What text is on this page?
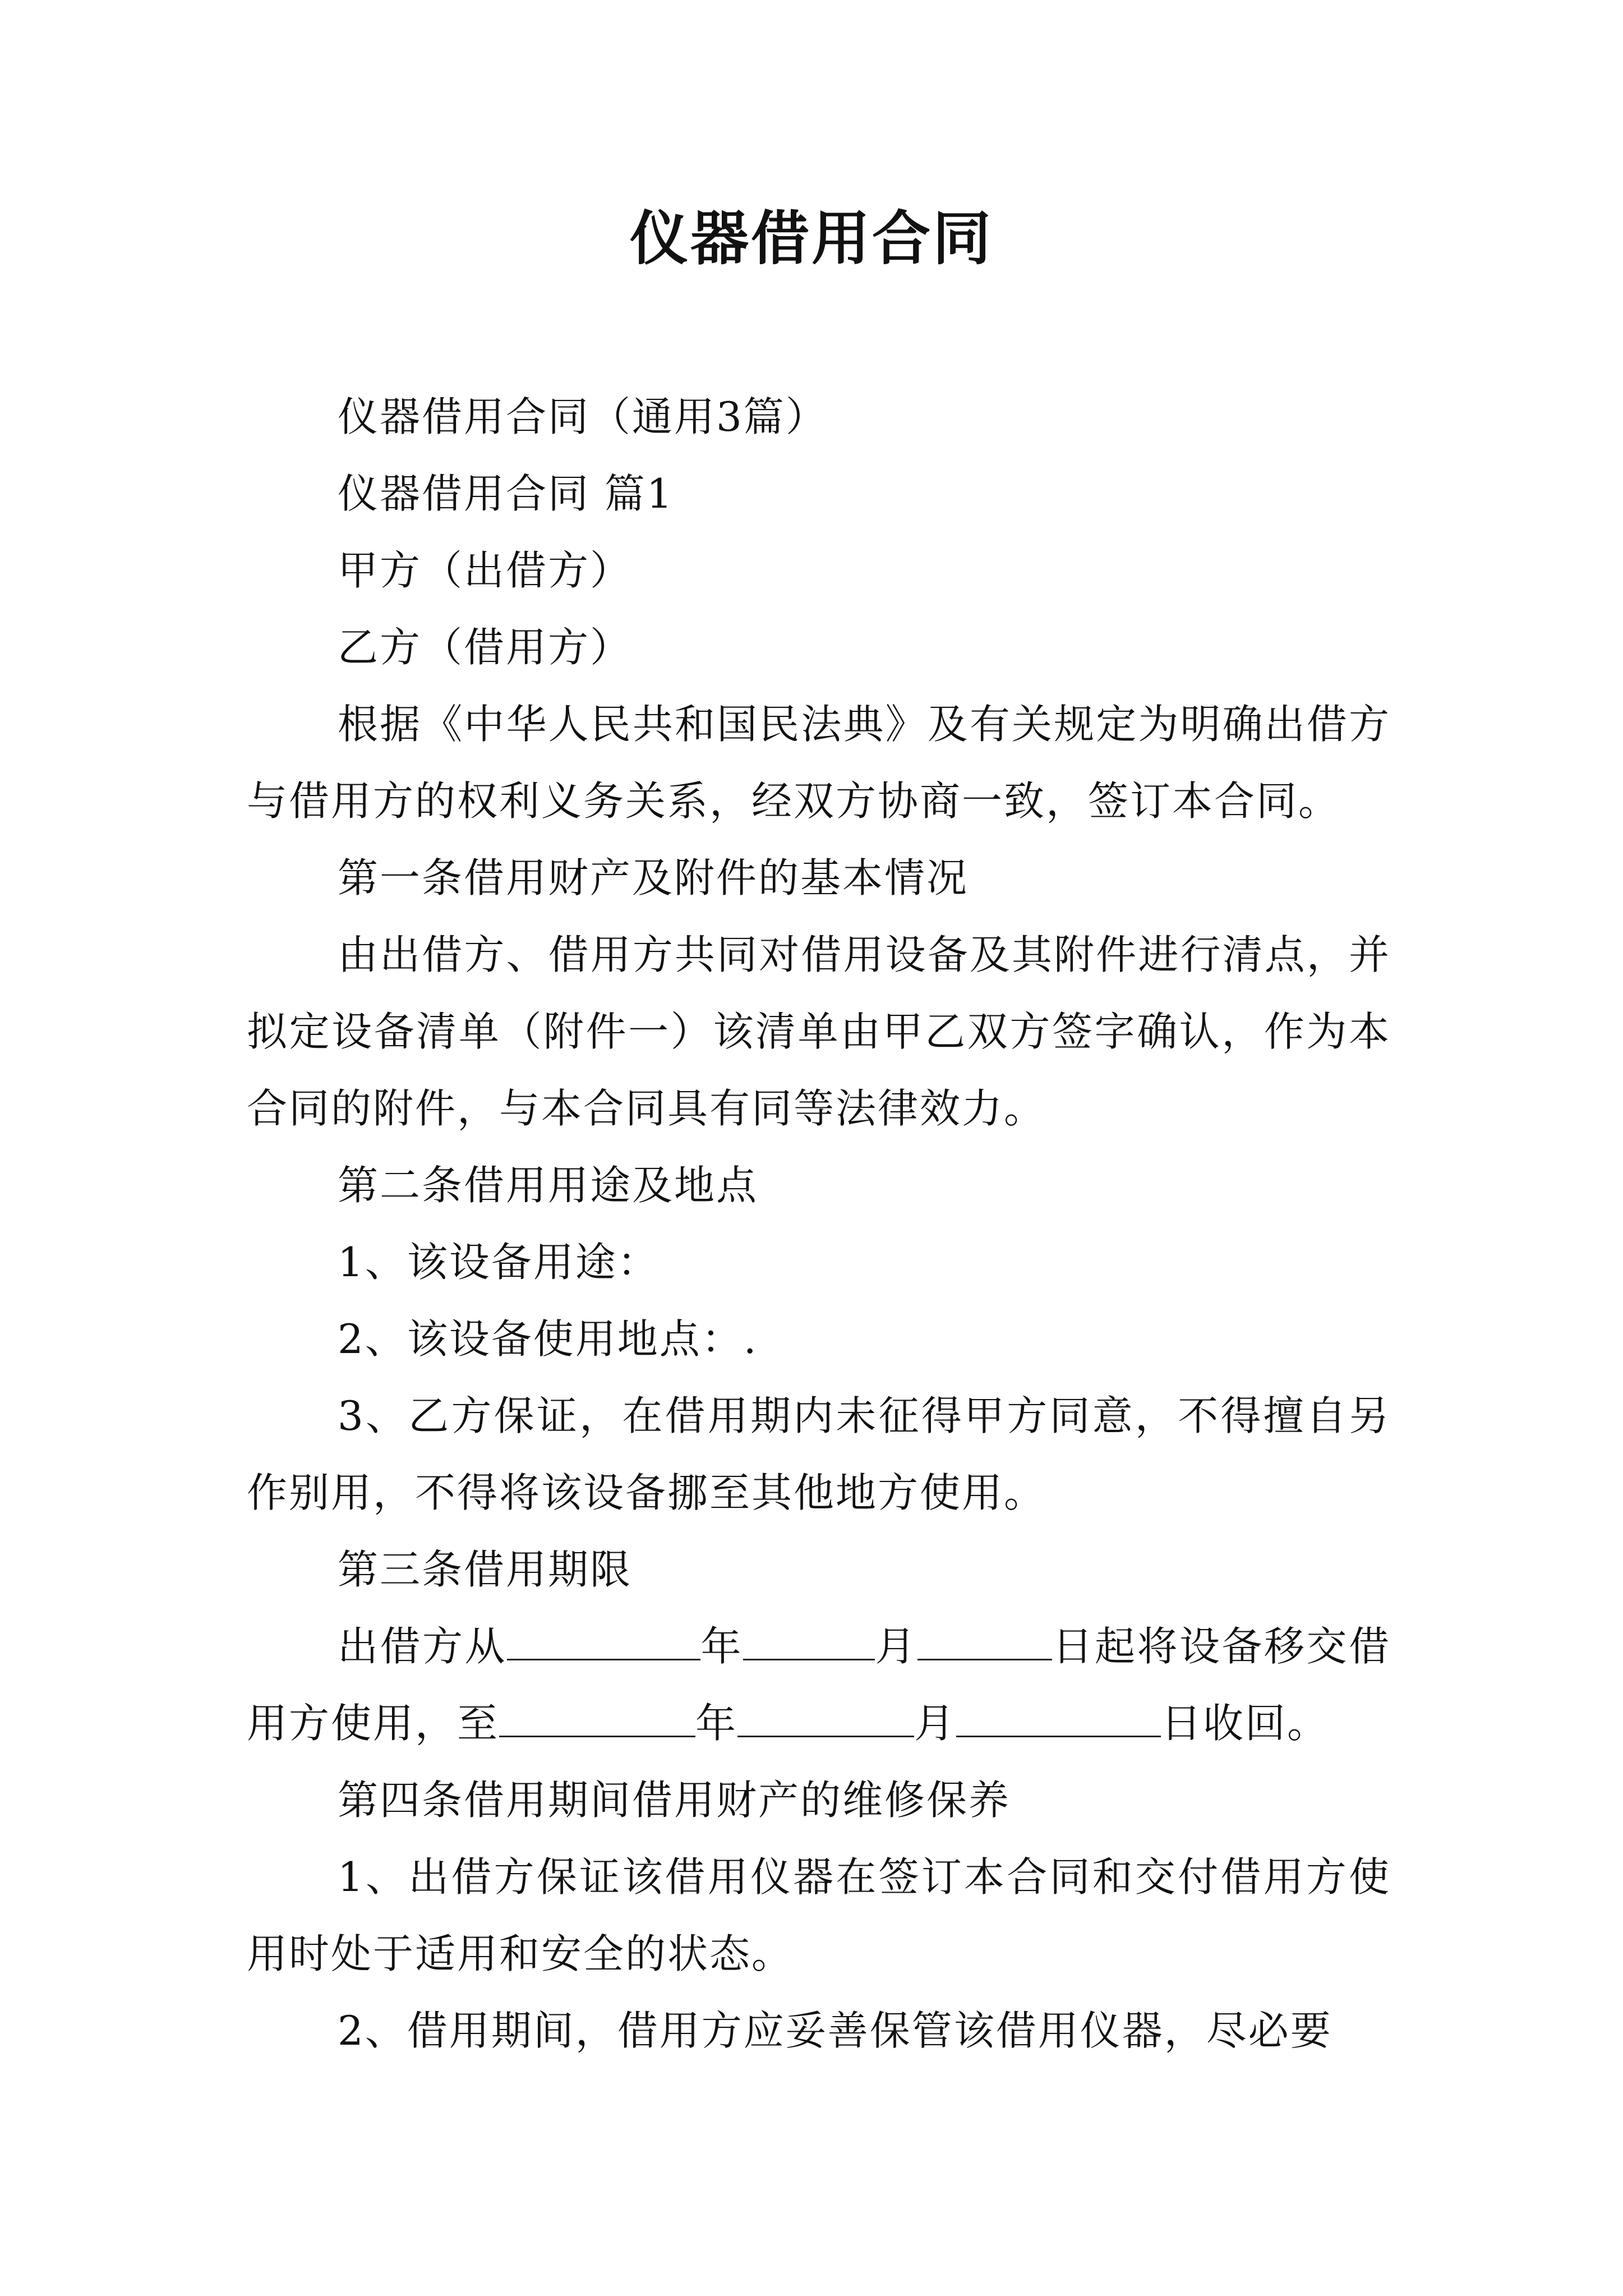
仪器借用合同

仪器借用合同（通用3篇）

仪器借用合同 篇1

甲方（出借方）

乙方（借用方）

根据《中华人民共和国民法典》及有关规定为明确出借方与借用方的权利义务关系，经双方协商一致，签订本合同。

第一条借用财产及附件的基本情况

由出借方、借用方共同对借用设备及其附件进行清点，并拟定设备清单（附件一）该清单由甲乙双方签字确认，作为本合同的附件，与本合同具有同等法律效力。

第二条借用用途及地点

1、该设备用途：

2、该设备使用地点：.

3、乙方保证，在借用期内未征得甲方同意，不得擅自另作别用，不得将该设备挪至其他地方使用。

第三条借用期限

出借方从	年	月	日起将设备移交借用方使用，至	年	月	日收回。

第四条借用期间借用财产的维修保养

1、出借方保证该借用仪器在签订本合同和交付借用方使用时处于适用和安全的状态。

2、借用期间，借用方应妥善保管该借用仪器，尽必要
